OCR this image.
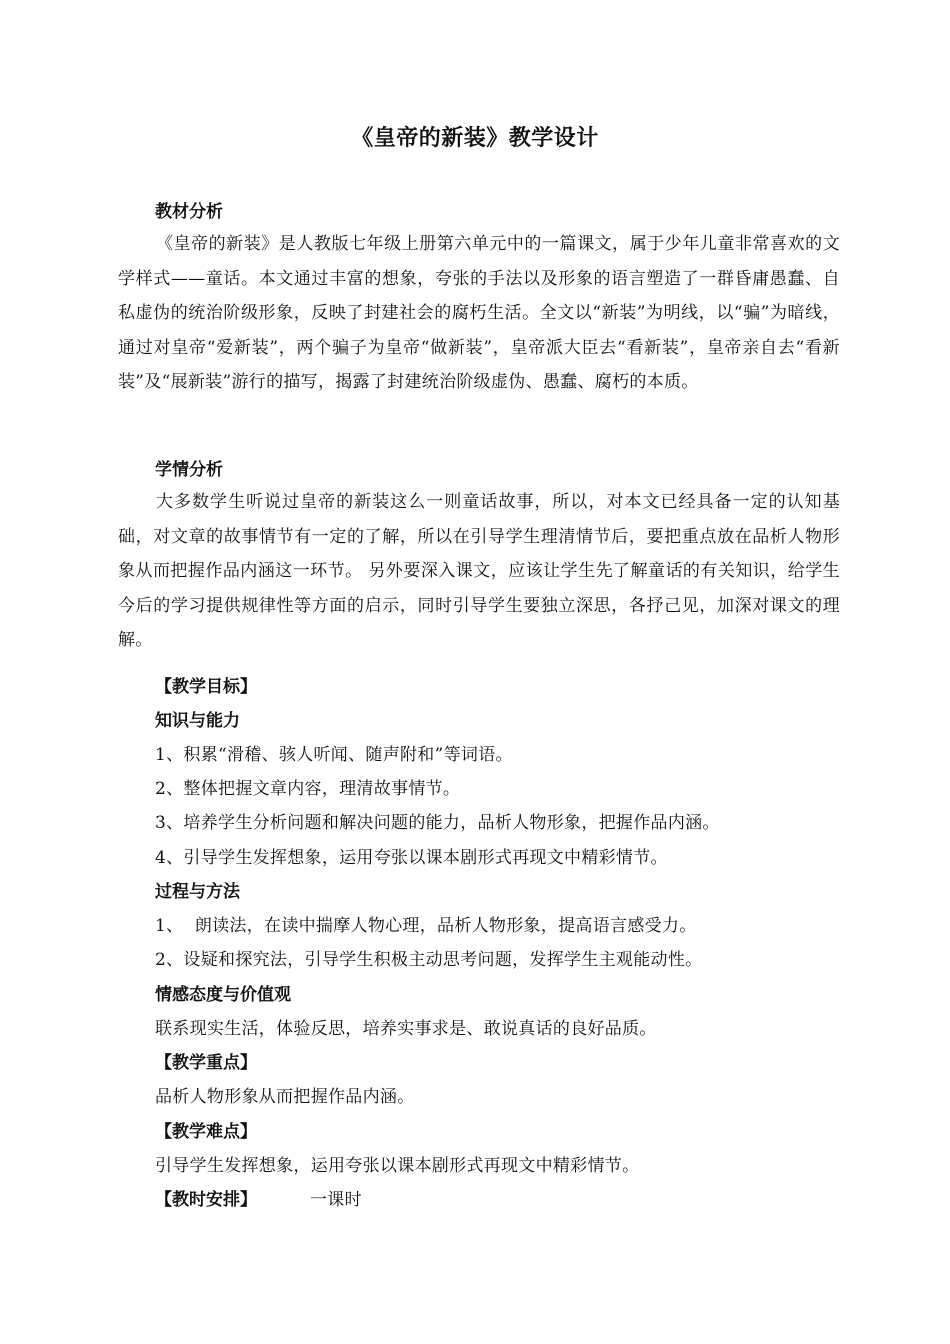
《皇帝的新装》教学设计
教材分析
《皇帝的新装》是人教版七年级上册第六单元中的一篇课文，属于少年儿童非常喜欢的文学样式——童话。本文通过丰富的想象，夸张的手法以及形象的语言塑造了一群昏庸愚蠢、自私虚伪的统治阶级形象，反映了封建社会的腐朽生活。全文以“新装”为明线，以“骗”为暗线，通过对皇帝“爱新装”，两个骗子为皇帝“做新装”，皇帝派大臣去“看新装”，皇帝亲自去“看新装”及“展新装”游行的描写，揭露了封建统治阶级虚伪、愚蠢、腐朽的本质。
学情分析
大多数学生听说过皇帝的新装这么一则童话故事，所以，对本文已经具备一定的认知基础，对文章的故事情节有一定的了解，所以在引导学生理清情节后，要把重点放在品析人物形象从而把握作品内涵这一环节。 另外要深入课文，应该让学生先了解童话的有关知识，给学生今后的学习提供规律性等方面的启示，同时引导学生要独立深思，各抒己见，加深对课文的理解。
【教学目标】
知识与能力
1、积累“滑稽、骇人听闻、随声附和”等词语。
2、整体把握文章内容，理清故事情节。
3、培养学生分析问题和解决问题的能力，品析人物形象，把握作品内涵。
4、引导学生发挥想象，运用夸张以课本剧形式再现文中精彩情节。
过程与方法
1、  朗读法，在读中揣摩人物心理，品析人物形象，提高语言感受力。
2、设疑和探究法，引导学生积极主动思考问题，发挥学生主观能动性。
情感态度与价值观
联系现实生活，体验反思，培养实事求是、敢说真话的良好品质。
【教学重点】
品析人物形象从而把握作品内涵。
【教学难点】
引导学生发挥想象，运用夸张以课本剧形式再现文中精彩情节。
【教时安排】	一课时
